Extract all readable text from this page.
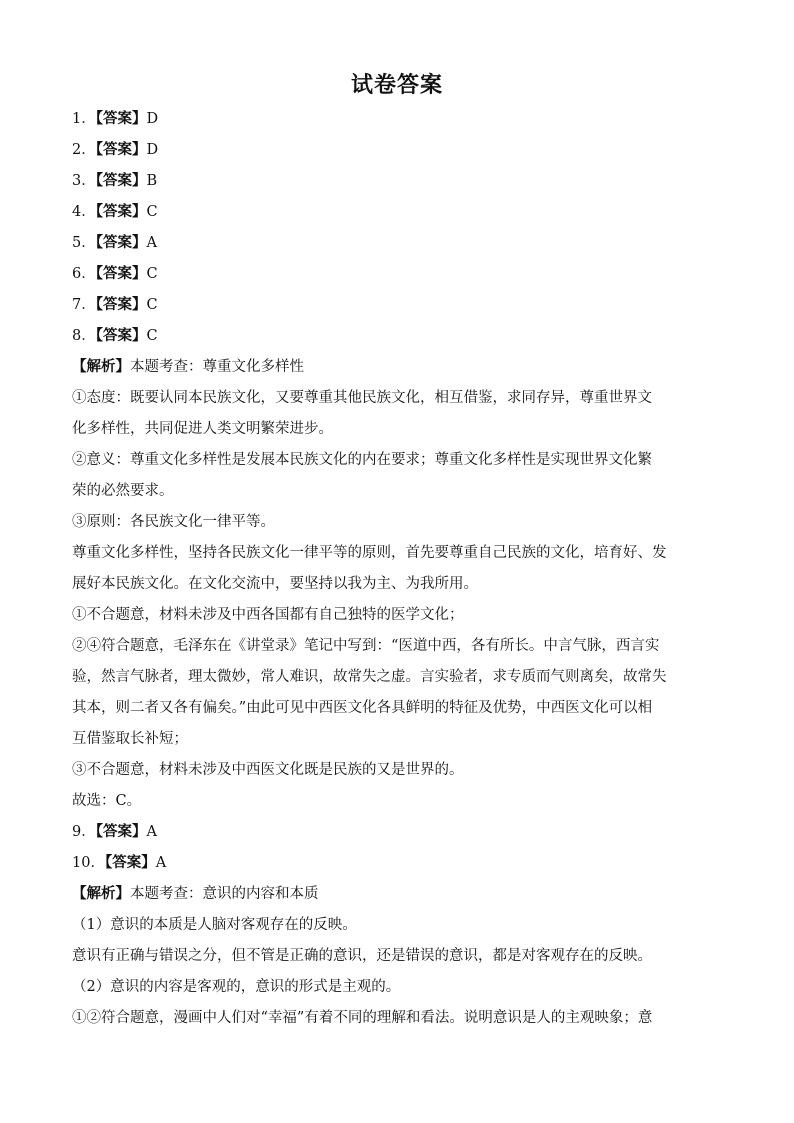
试卷答案
1．【答案】D
2．【答案】D
3．【答案】B
4．【答案】C
5．【答案】A
6．【答案】C
7．【答案】C
8．【答案】C
【解析】本题考查：尊重文化多样性
①态度：既要认同本民族文化，又要尊重其他民族文化，相互借鉴，求同存异，尊重世界文
化多样性，共同促进人类文明繁荣进步。
②意义：尊重文化多样性是发展本民族文化的内在要求；尊重文化多样性是实现世界文化繁
荣的必然要求。
③原则：各民族文化一律平等。
尊重文化多样性，坚持各民族文化一律平等的原则，首先要尊重自己民族的文化，培育好、发
展好本民族文化。在文化交流中，要坚持以我为主、为我所用。
①不合题意，材料未涉及中西各国都有自己独特的医学文化；
②④符合题意，毛泽东在《讲堂录》笔记中写到：“医道中西，各有所长。中言气脉，西言实
验，然言气脉者，理太微妙，常人难识，故常失之虚。言实验者，求专质而气则离矣，故常失
其本，则二者又各有偏矣。”由此可见中西医文化各具鲜明的特征及优势，中西医文化可以相
互借鉴取长补短；
③不合题意，材料未涉及中西医文化既是民族的又是世界的。
故选：C。
9．【答案】A
10．【答案】A
【解析】本题考查：意识的内容和本质
（1）意识的本质是人脑对客观存在的反映。
意识有正确与错误之分，但不管是正确的意识，还是错误的意识，都是对客观存在的反映。
（2）意识的内容是客观的，意识的形式是主观的。
①②符合题意，漫画中人们对“幸福”有着不同的理解和看法。说明意识是人的主观映象；意
